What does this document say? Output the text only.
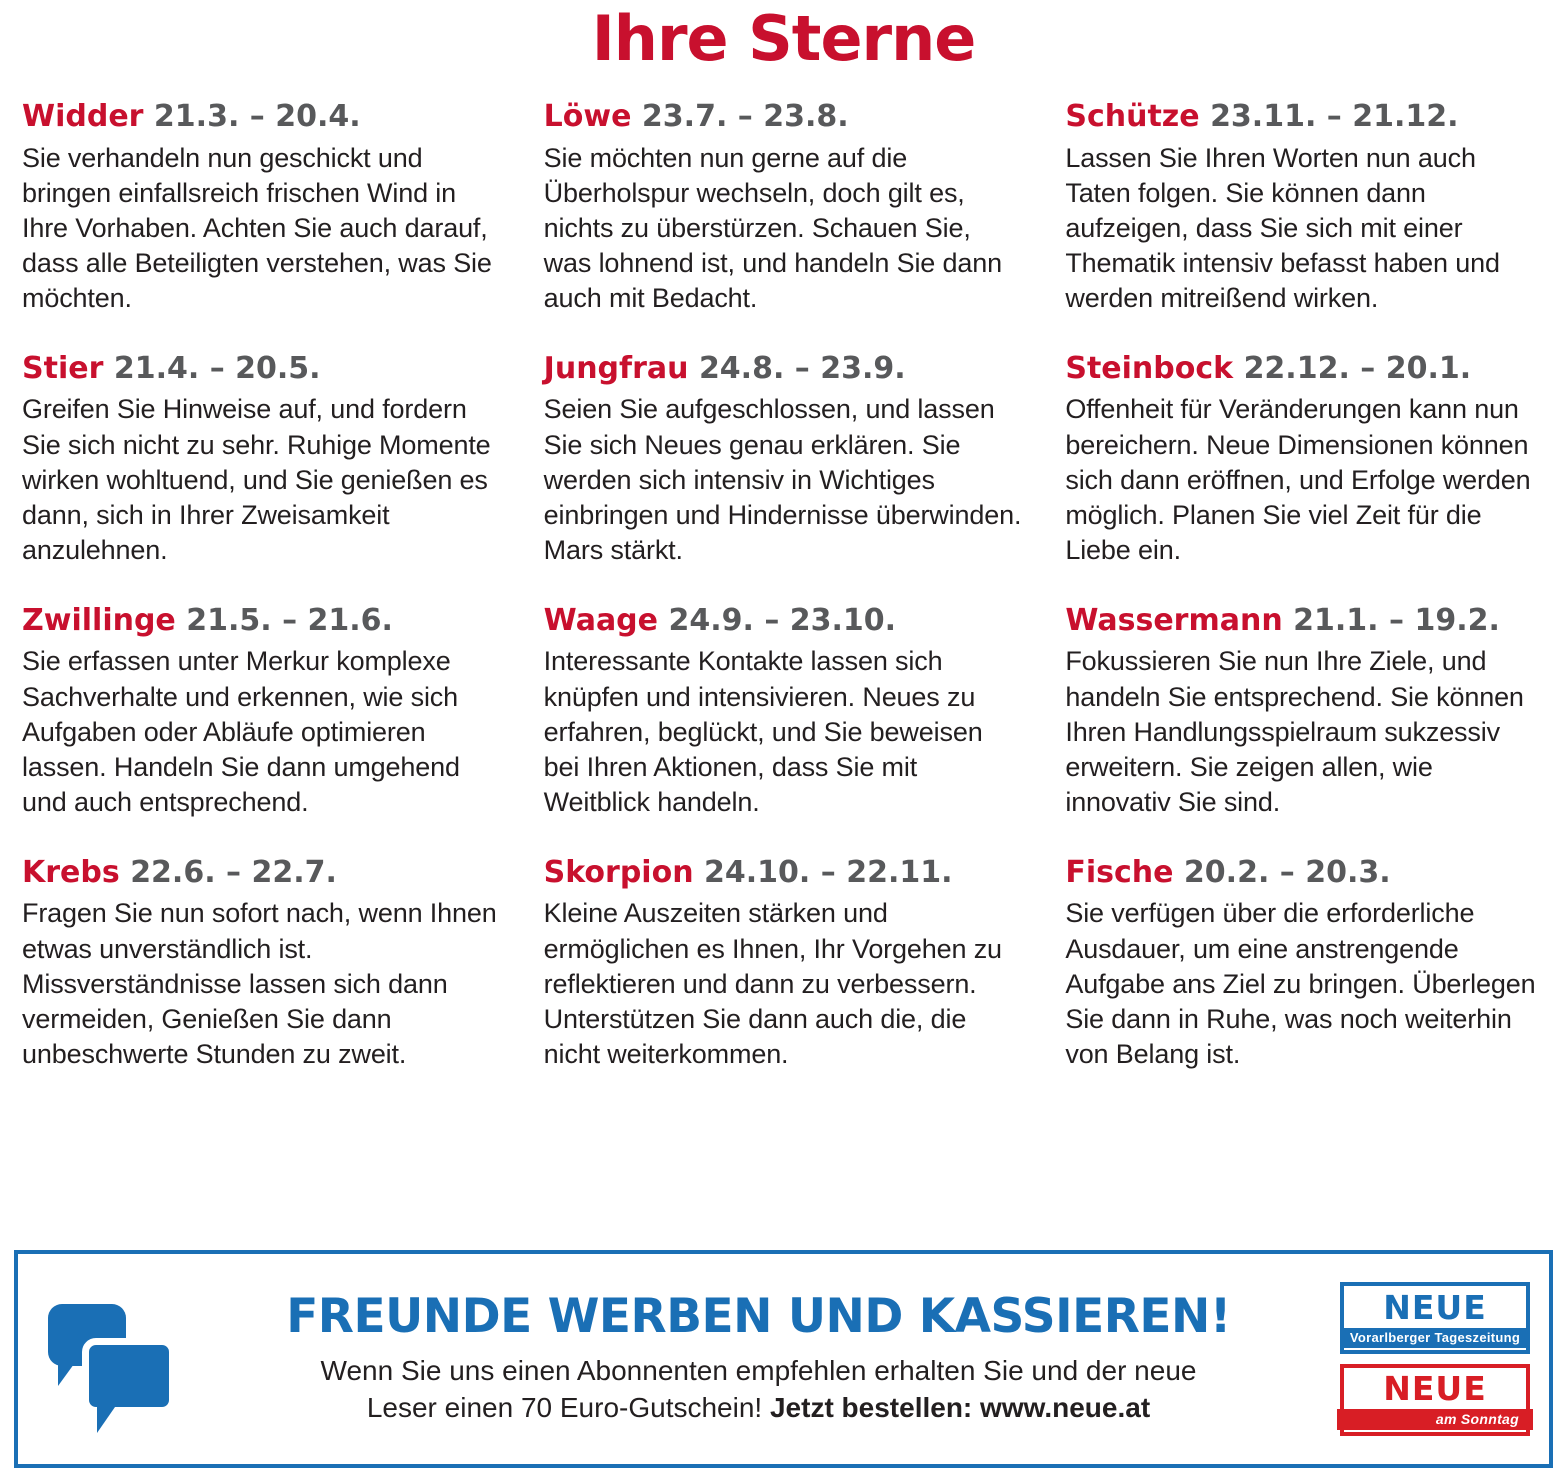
Ihre Sterne
Widder 21.3. – 20.4.
Sie verhandeln nun geschickt und bringen einfallsreich frischen Wind in Ihre Vorhaben. Achten Sie auch darauf, dass alle Beteiligten verstehen, was Sie möchten.
Stier 21.4. – 20.5.
Greifen Sie Hinweise auf, und fordern Sie sich nicht zu sehr. Ruhige Momente wirken wohltuend, und Sie genießen es dann, sich in Ihrer Zweisamkeit anzulehnen.
Zwillinge 21.5. – 21.6.
Sie erfassen unter Merkur komplexe Sachverhalte und erkennen, wie sich Aufgaben oder Abläufe optimieren lassen. Handeln Sie dann umgehend und auch entsprechend.
Krebs 22.6. – 22.7.
Fragen Sie nun sofort nach, wenn Ihnen etwas unverständlich ist. Missverständnisse lassen sich dann vermeiden, Genießen Sie dann unbeschwerte Stunden zu zweit.
Löwe 23.7. – 23.8.
Sie möchten nun gerne auf die Überholspur wechseln, doch gilt es, nichts zu überstürzen. Schauen Sie, was lohnend ist, und handeln Sie dann auch mit Bedacht.
Jungfrau 24.8. – 23.9.
Seien Sie aufgeschlossen, und lassen Sie sich Neues genau erklären. Sie werden sich intensiv in Wichtiges einbringen und Hindernisse überwinden. Mars stärkt.
Waage 24.9. – 23.10.
Interessante Kontakte lassen sich knüpfen und intensivieren. Neues zu erfahren, beglückt, und Sie beweisen bei Ihren Aktionen, dass Sie mit Weitblick handeln.
Skorpion 24.10. – 22.11.
Kleine Auszeiten stärken und ermöglichen es Ihnen, Ihr Vorgehen zu reflektieren und dann zu verbessern. Unterstützen Sie dann auch die, die nicht weiterkommen.
Schütze 23.11. – 21.12.
Lassen Sie Ihren Worten nun auch Taten folgen. Sie können dann aufzeigen, dass Sie sich mit einer Thematik intensiv befasst haben und werden mitreißend wirken.
Steinbock 22.12. – 20.1.
Offenheit für Veränderungen kann nun bereichern. Neue Dimensionen können sich dann eröffnen, und Erfolge werden möglich. Planen Sie viel Zeit für die Liebe ein.
Wassermann 21.1. – 19.2.
Fokussieren Sie nun Ihre Ziele, und handeln Sie entsprechend. Sie können Ihren Handlungsspielraum sukzessiv erweitern. Sie zeigen allen, wie innovativ Sie sind.
Fische 20.2. – 20.3.
Sie verfügen über die erforderliche Ausdauer, um eine anstrengende Aufgabe ans Ziel zu bringen. Überlegen Sie dann in Ruhe, was noch weiterhin von Belang ist.
FREUNDE WERBEN UND KASSIEREN!
Wenn Sie uns einen Abonnenten empfehlen erhalten Sie und der neue
Leser einen 70 Euro-Gutschein! Jetzt bestellen: www.neue.at
NEUE
Vorarlberger Tageszeitung
NEUE
am Sonntag
